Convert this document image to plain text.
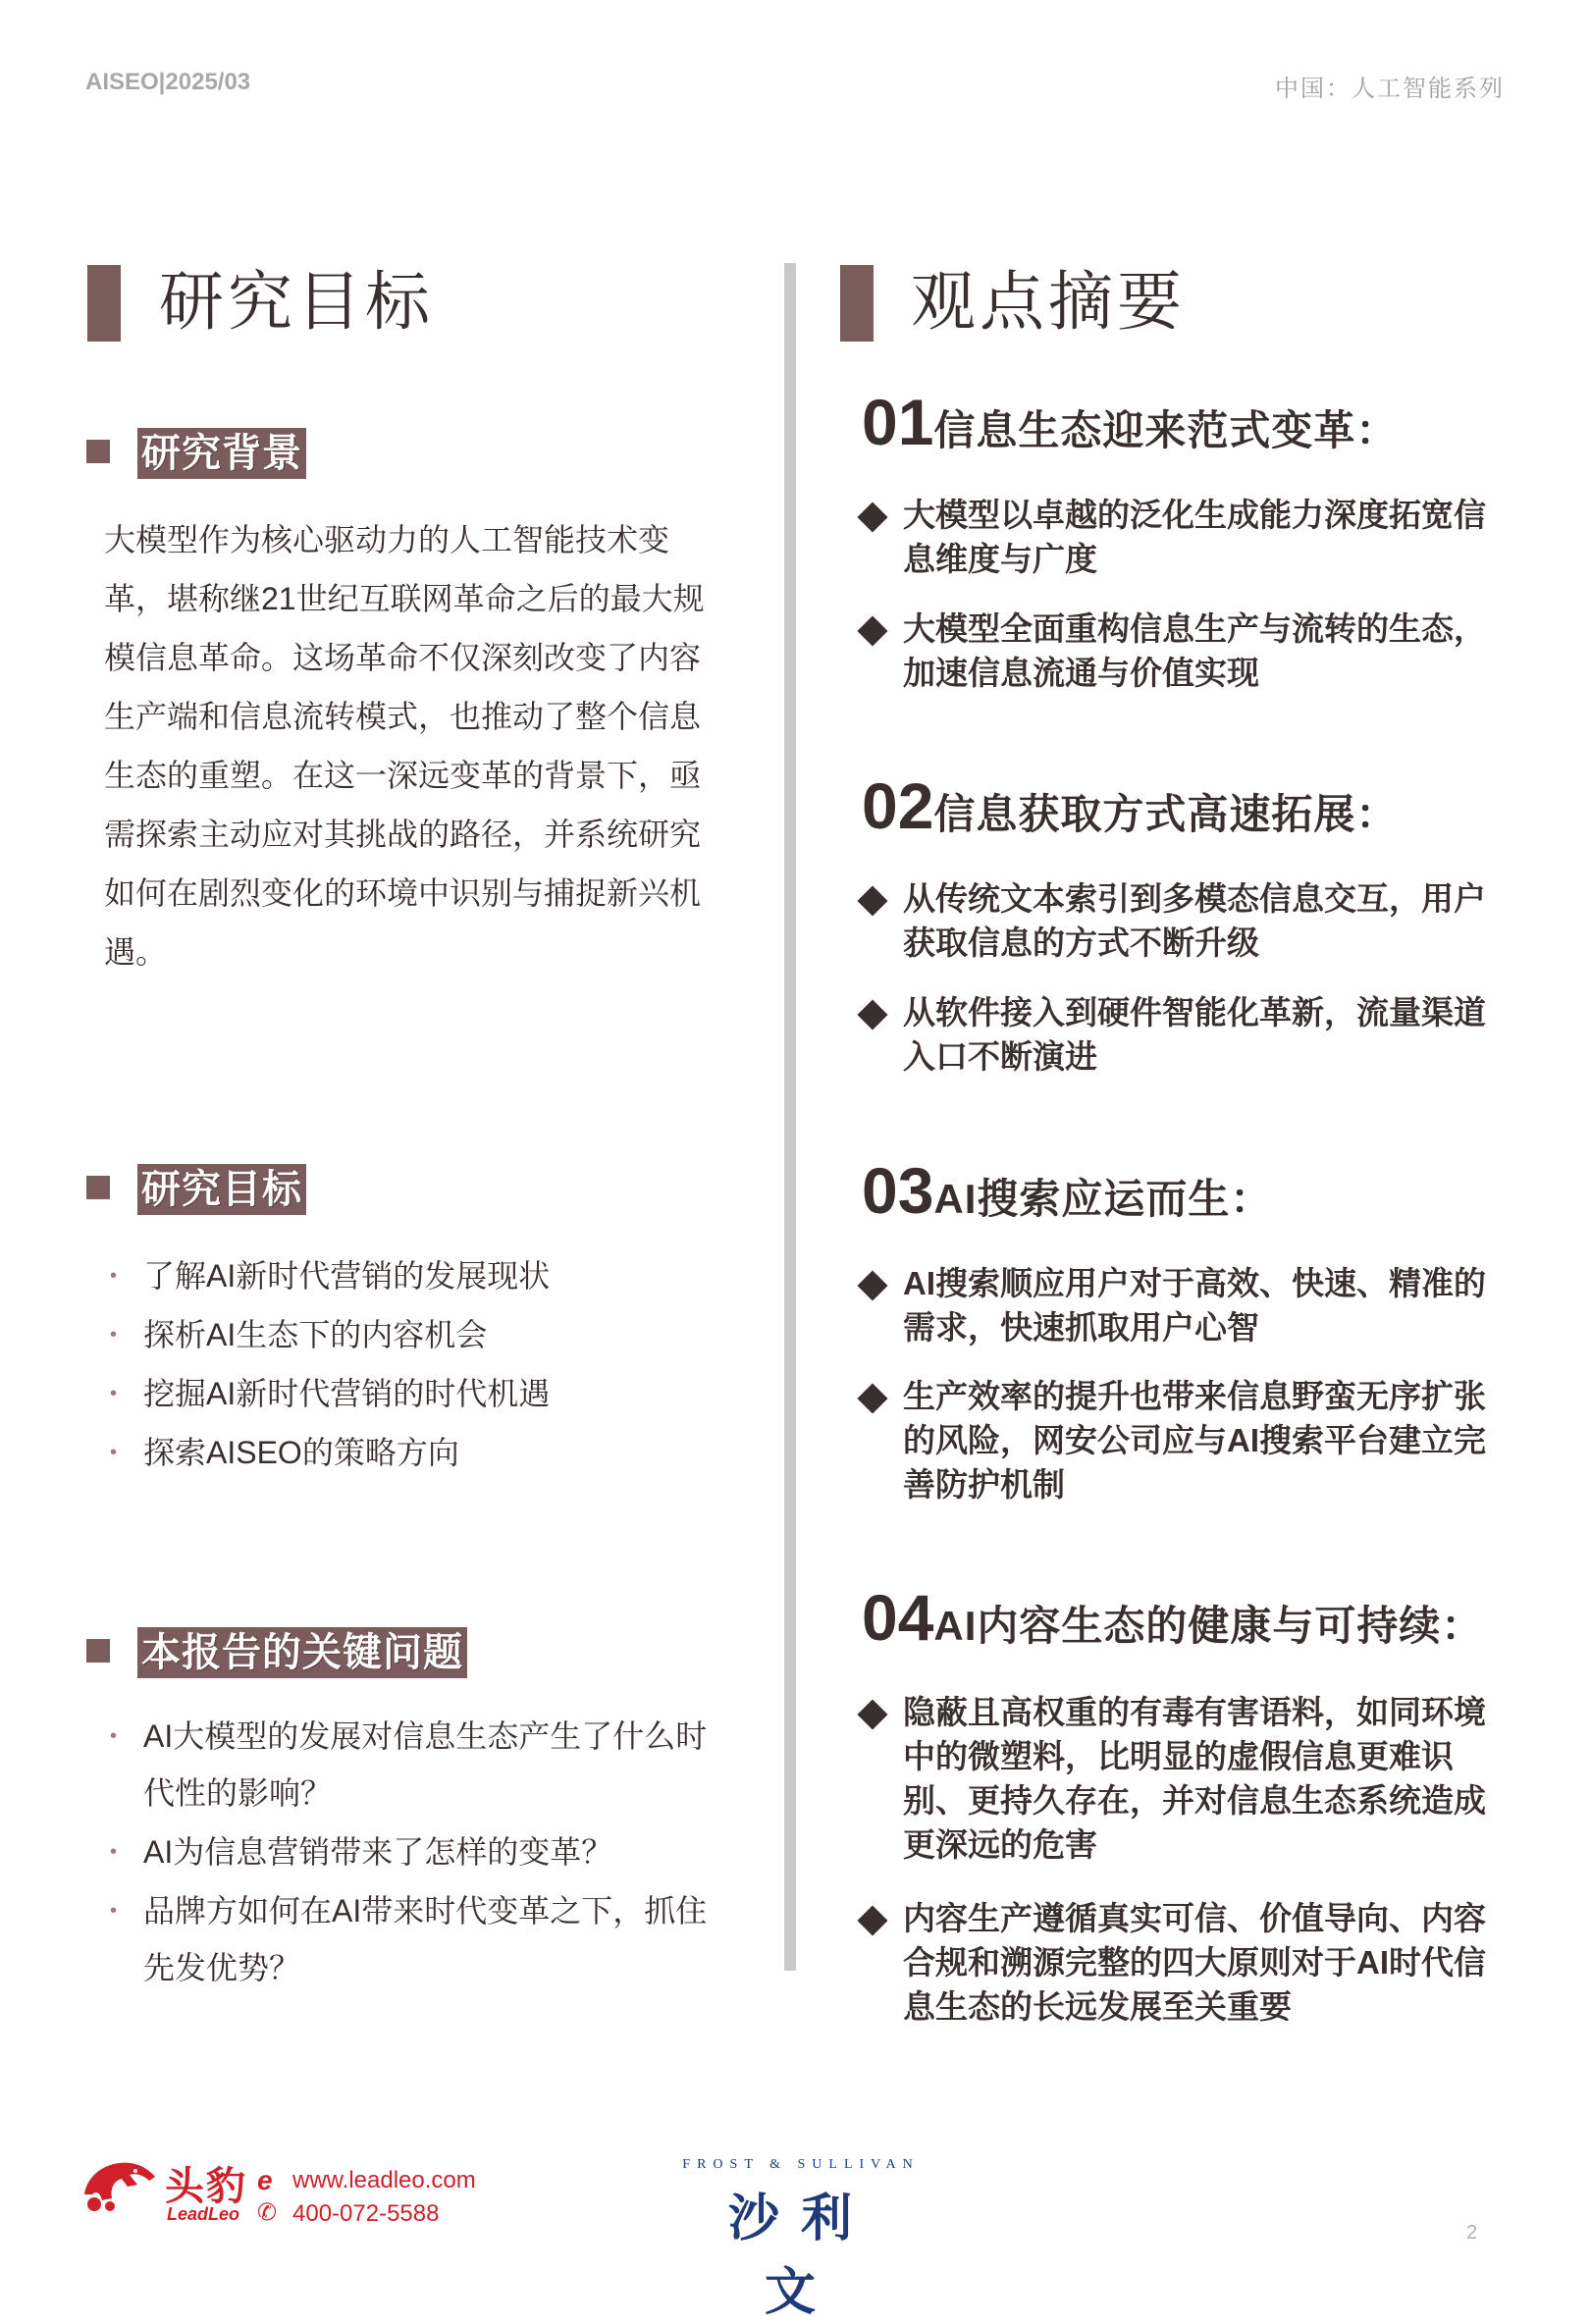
AISEO|2025/03	中国：人工智能系列
研究目标	观点摘要
研究背景

大模型作为核心驱动力的人工智能技术变革，堪称继21世纪互联网革命之后的最大规模信息革命。这场革命不仅深刻改变了内容生产端和信息流转模式，也推动了整个信息生态的重塑。在这一深远变革的背景下，亟需探索主动应对其挑战的路径，并系统研究如何在剧烈变化的环境中识别与捕捉新兴机遇。

研究目标
• 了解AI新时代营销的发展现状
• 探析AI生态下的内容机会
• 挖掘AI新时代营销的时代机遇
• 探索AISEO的策略方向
本报告的关键问题
• AI大模型的发展对信息生态产生了什么时代性的影响？
• AI为信息营销带来了怎样的变革？
• 品牌方如何在AI带来时代变革之下，抓住先发优势？
01信息生态迎来范式变革：
大模型以卓越的泛化生成能力深度拓宽信息维度与广度
大模型全面重构信息生产与流转的生态，加速信息流通与价值实现
02信息获取方式高速拓展：
从传统文本索引到多模态信息交互，用户获取信息的方式不断升级
从软件接入到硬件智能化革新，流量渠道入口不断演进
03AI搜索应运而生：
AI搜索顺应用户对于高效、快速、精准的需求，快速抓取用户心智
生产效率的提升也带来信息野蛮无序扩张的风险，网安公司应与AI搜索平台建立完善防护机制
04AI内容生态的健康与可持续：
隐蔽且高权重的有毒有害语料，如同环境中的微塑料，比明显的虚假信息更难识别、更持久存在，并对信息生态系统造成更深远的危害
内容生产遵循真实可信、价值导向、内容合规和溯源完整的四大原则对于AI时代信息生态的长远发展至关重要
头豹
LeadLeo
e
✆
www.leadleo.com
400-072-5588
FROST & SULLIVAN
沙利文
2
